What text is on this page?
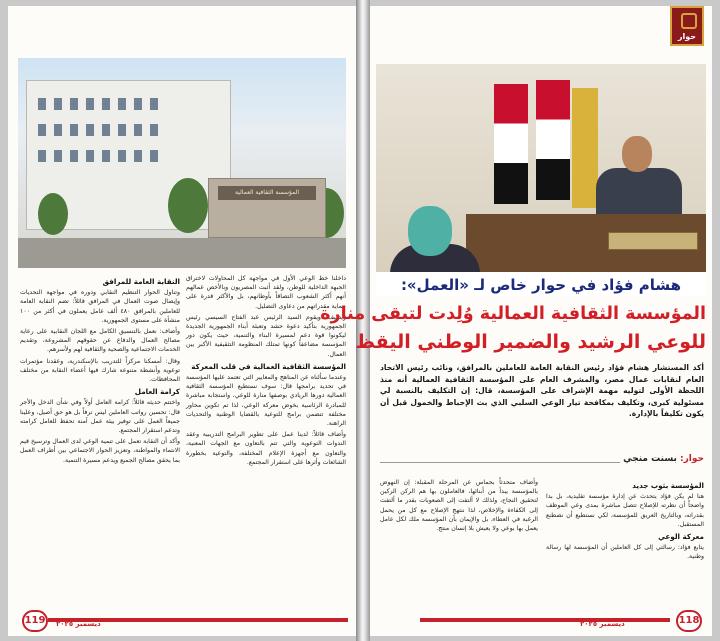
المؤسسة الثقافية العمالية

داخلنا خط الوعي الأول في مواجهة كل المحاولات لاختراق الجبهة الداخلية للوطن، ولقد أثبت المصريون وبالأخص عمالهم أنهم أكثر الشعوب التصاقاً بأوطانهم، بل والأكثر قدرة على حماية مقدراتهم من دعاوى التضليل.

ويضيف: ويقوم السيد الرئيس عبد الفتاح السيسي رئيس الجمهورية بتأكيد دعوة حشد وتعبئة أبناء الجمهورية الجديدة ليكونوا قوة دعم لمسيرة البناء والتنمية، حيث يكون دور المؤسسة مضاعفاً كونها تمتلك المنظومة التثقيفية الأكبر بين العمال.

المؤسسة الثقافية العمالية في قلب المعركة

وعندما سألناه عن المناهج والمعايير التي تعتمد عليها المؤسسة في تحديد برامجها قال: سوف نستطيع المؤسسة الثقافية العمالية دورها الريادي بوصفها منارة للوعي، واستجابة مباشرة للمبادرة الرئاسية بخوض معركة الوعي، لذا تم تكوين محاور مختلفة تتضمن برامج للتوعية بالقضايا الوطنية والتحديات الراهنة.

وأضاف قائلاً: لدينا عمل على تطوير البرامج التدريبية وعقد الندوات التوعوية والتي تتم بالتعاون مع الجهات المعنية، والتعاون مع أجهزة الإعلام المختلفة، والتوعية بخطورة الشائعات وأثرها على استقرار المجتمع.

النقابة العامة للمرافق

وتناول الحوار التنظيم النقابي ودوره في مواجهة التحديات وإيصال صوت العمال في المرافق قائلاً: تضم النقابة العامة للعاملين بالمرافق ٤٨٠ ألف عامل يعملون في أكثر من ١٠٠ منشأة على مستوى الجمهورية.

وأضاف: نعمل بالتنسيق الكامل مع اللجان النقابية على رعاية مصالح العمال والدفاع عن حقوقهم المشروعة، وتقديم الخدمات الاجتماعية والصحية والثقافية لهم ولأسرهم.

وقال: أمسكنا مركزاً للتدريب بالإسكندرية، وعقدنا مؤتمرات توعوية وأنشطة متنوعة شارك فيها أعضاء النقابة من مختلف المحافظات.

كرامة العامل

واختتم حديثه قائلاً: كرامة العامل أولاً وفي شأن الدخل والأجر قال: تحسين رواتب العاملين ليس ترفاً بل هو حق أصيل، وعلينا جميعاً العمل على توفير بيئة عمل آمنة تحفظ للعامل كرامته وتدعم استقرار المجتمع.

وأكد أن النقابة تعمل على تنمية الوعي لدى العمال وترسيخ قيم الانتماء والمواطنة، وتعزيز الحوار الاجتماعي بين أطراف العمل بما يحقق مصالح الجميع ويدعم مسيرة التنمية.

119	ديسمبر ٢٠٢٥
حوار
هشام فؤاد في حوار خاص لـ «العمل»:
المؤسسة الثقافية العمالية وُلِدت لتبقى منارة
للوعي الرشيد والضمير الوطني اليقظ
أكد المستشار هشام فؤاد رئيس النقابة العامة للعاملين بالمرافق، ونائب رئيس الاتحاد العام لنقابات عمال مصر، والمشرف العام على المؤسسة الثقافية العمالية أنه منذ اللحظة الأولى لتوليه مهمة الإشراف على المؤسسة، قال: إن التكليف بالنسبة لي مسئولية كبرى، وتكليف بمكافحة تيار الوعي السلبي الذي بث الإحباط والخمول قبل أن يكون تكليفاً بالإدارة.
حوار: بسنت منجي
المؤسسة بثوب جديد

هنا لم يكن فؤاد يتحدث عن إدارة مؤسسة تقليدية، بل بدا واضحاً أن نظرته للإصلاح تتصل مباشرة بمدى وعي الموظف بقدراته، وبالتاريخ العريق للمؤسسة، لكي نستطيع أن نصطنع المستقبل.

معركة الوعي

يتابع فؤاد: رسالتي إلى كل العاملين أن المؤسسة لها رسالة وطنية.

وأضاف متحدثاً بحماس عن المرحلة المقبلة: إن النهوض بالمؤسسة يبدأ من أبنائها، فالعاملون بها هم الركن الركين لتحقيق النجاح، ولذلك لا ألتفت إلى الصعوبات بقدر ما ألتفت إلى الكفاءة والإخلاص، لذا ننتهج الإصلاح مع كل من يحمل الرغبة في العطاء، بل والإيمان بأن المؤسسة ملك لكل عامل يعمل بها بوعي ولا يعيش بلا إنسان منتج.

118
ديسمبر ٢٠٢٥
